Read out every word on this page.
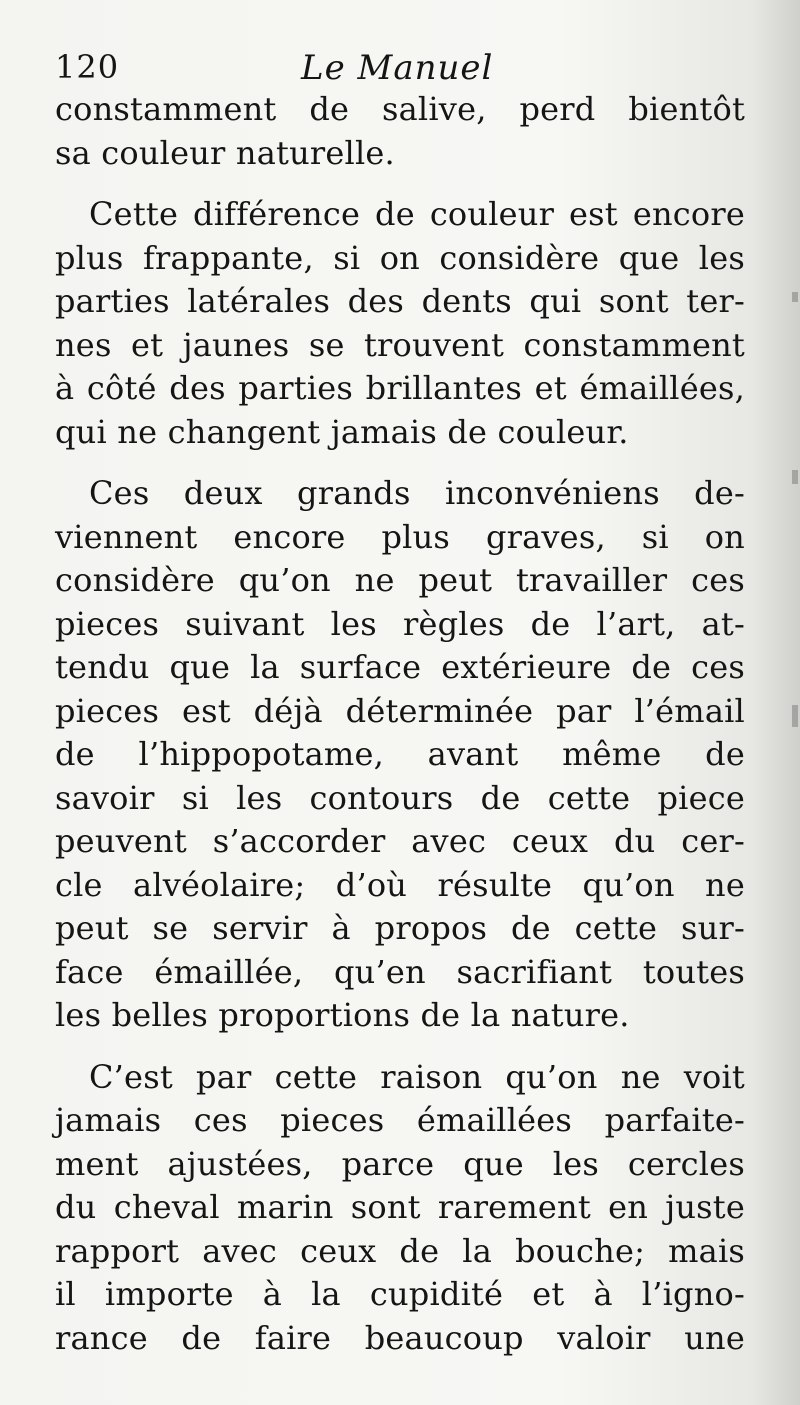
120	Le Manuel
constamment de salive, perd bientôt
sa couleur naturelle.
Cette différence de couleur est encore
plus frappante, si on considère que les
parties latérales des dents qui sont ter-
nes et jaunes se trouvent constamment
à côté des parties brillantes et émaillées,
qui ne changent jamais de couleur.
Ces deux grands inconvéniens de-
viennent encore plus graves, si on
considère qu’on ne peut travailler ces
pieces suivant les règles de l’art, at-
tendu que la surface extérieure de ces
pieces est déjà déterminée par l’émail
de l’hippopotame, avant même de
savoir si les contours de cette piece
peuvent s’accorder avec ceux du cer-
cle alvéolaire; d’où résulte qu’on ne
peut se servir à propos de cette sur-
face émaillée, qu’en sacrifiant toutes
les belles proportions de la nature.
C’est par cette raison qu’on ne voit
jamais ces pieces émaillées parfaite-
ment ajustées, parce que les cercles
du cheval marin sont rarement en juste
rapport avec ceux de la bouche; mais
il importe à la cupidité et à l’igno-
rance de faire beaucoup valoir une
